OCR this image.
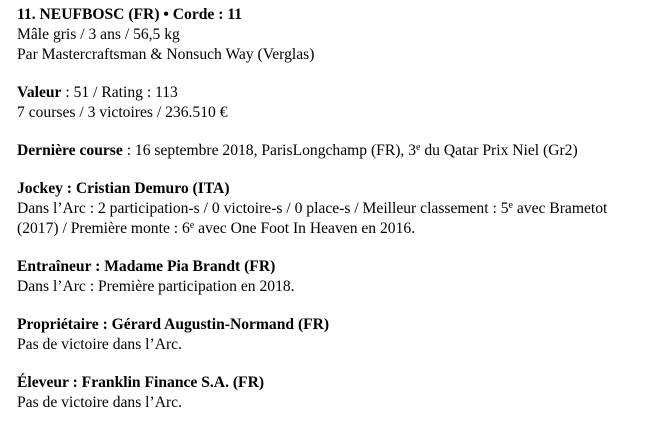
11. NEUFBOSC (FR) • Corde : 11
Mâle gris / 3 ans / 56,5 kg
Par Mastercraftsman & Nonsuch Way (Verglas)
Valeur : 51 / Rating : 113
7 courses / 3 victoires / 236.510 €
Dernière course : 16 septembre 2018, ParisLongchamp (FR), 3e du Qatar Prix Niel (Gr2)
Jockey : Cristian Demuro (ITA)
Dans l’Arc : 2 participation-s / 0 victoire-s / 0 place-s / Meilleur classement : 5e avec Brametot (2017) / Première monte : 6e avec One Foot In Heaven en 2016.
Entraîneur : Madame Pia Brandt (FR)
Dans l’Arc : Première participation en 2018.
Propriétaire : Gérard Augustin-Normand (FR)
Pas de victoire dans l’Arc.
Éleveur : Franklin Finance S.A. (FR)
Pas de victoire dans l’Arc.
